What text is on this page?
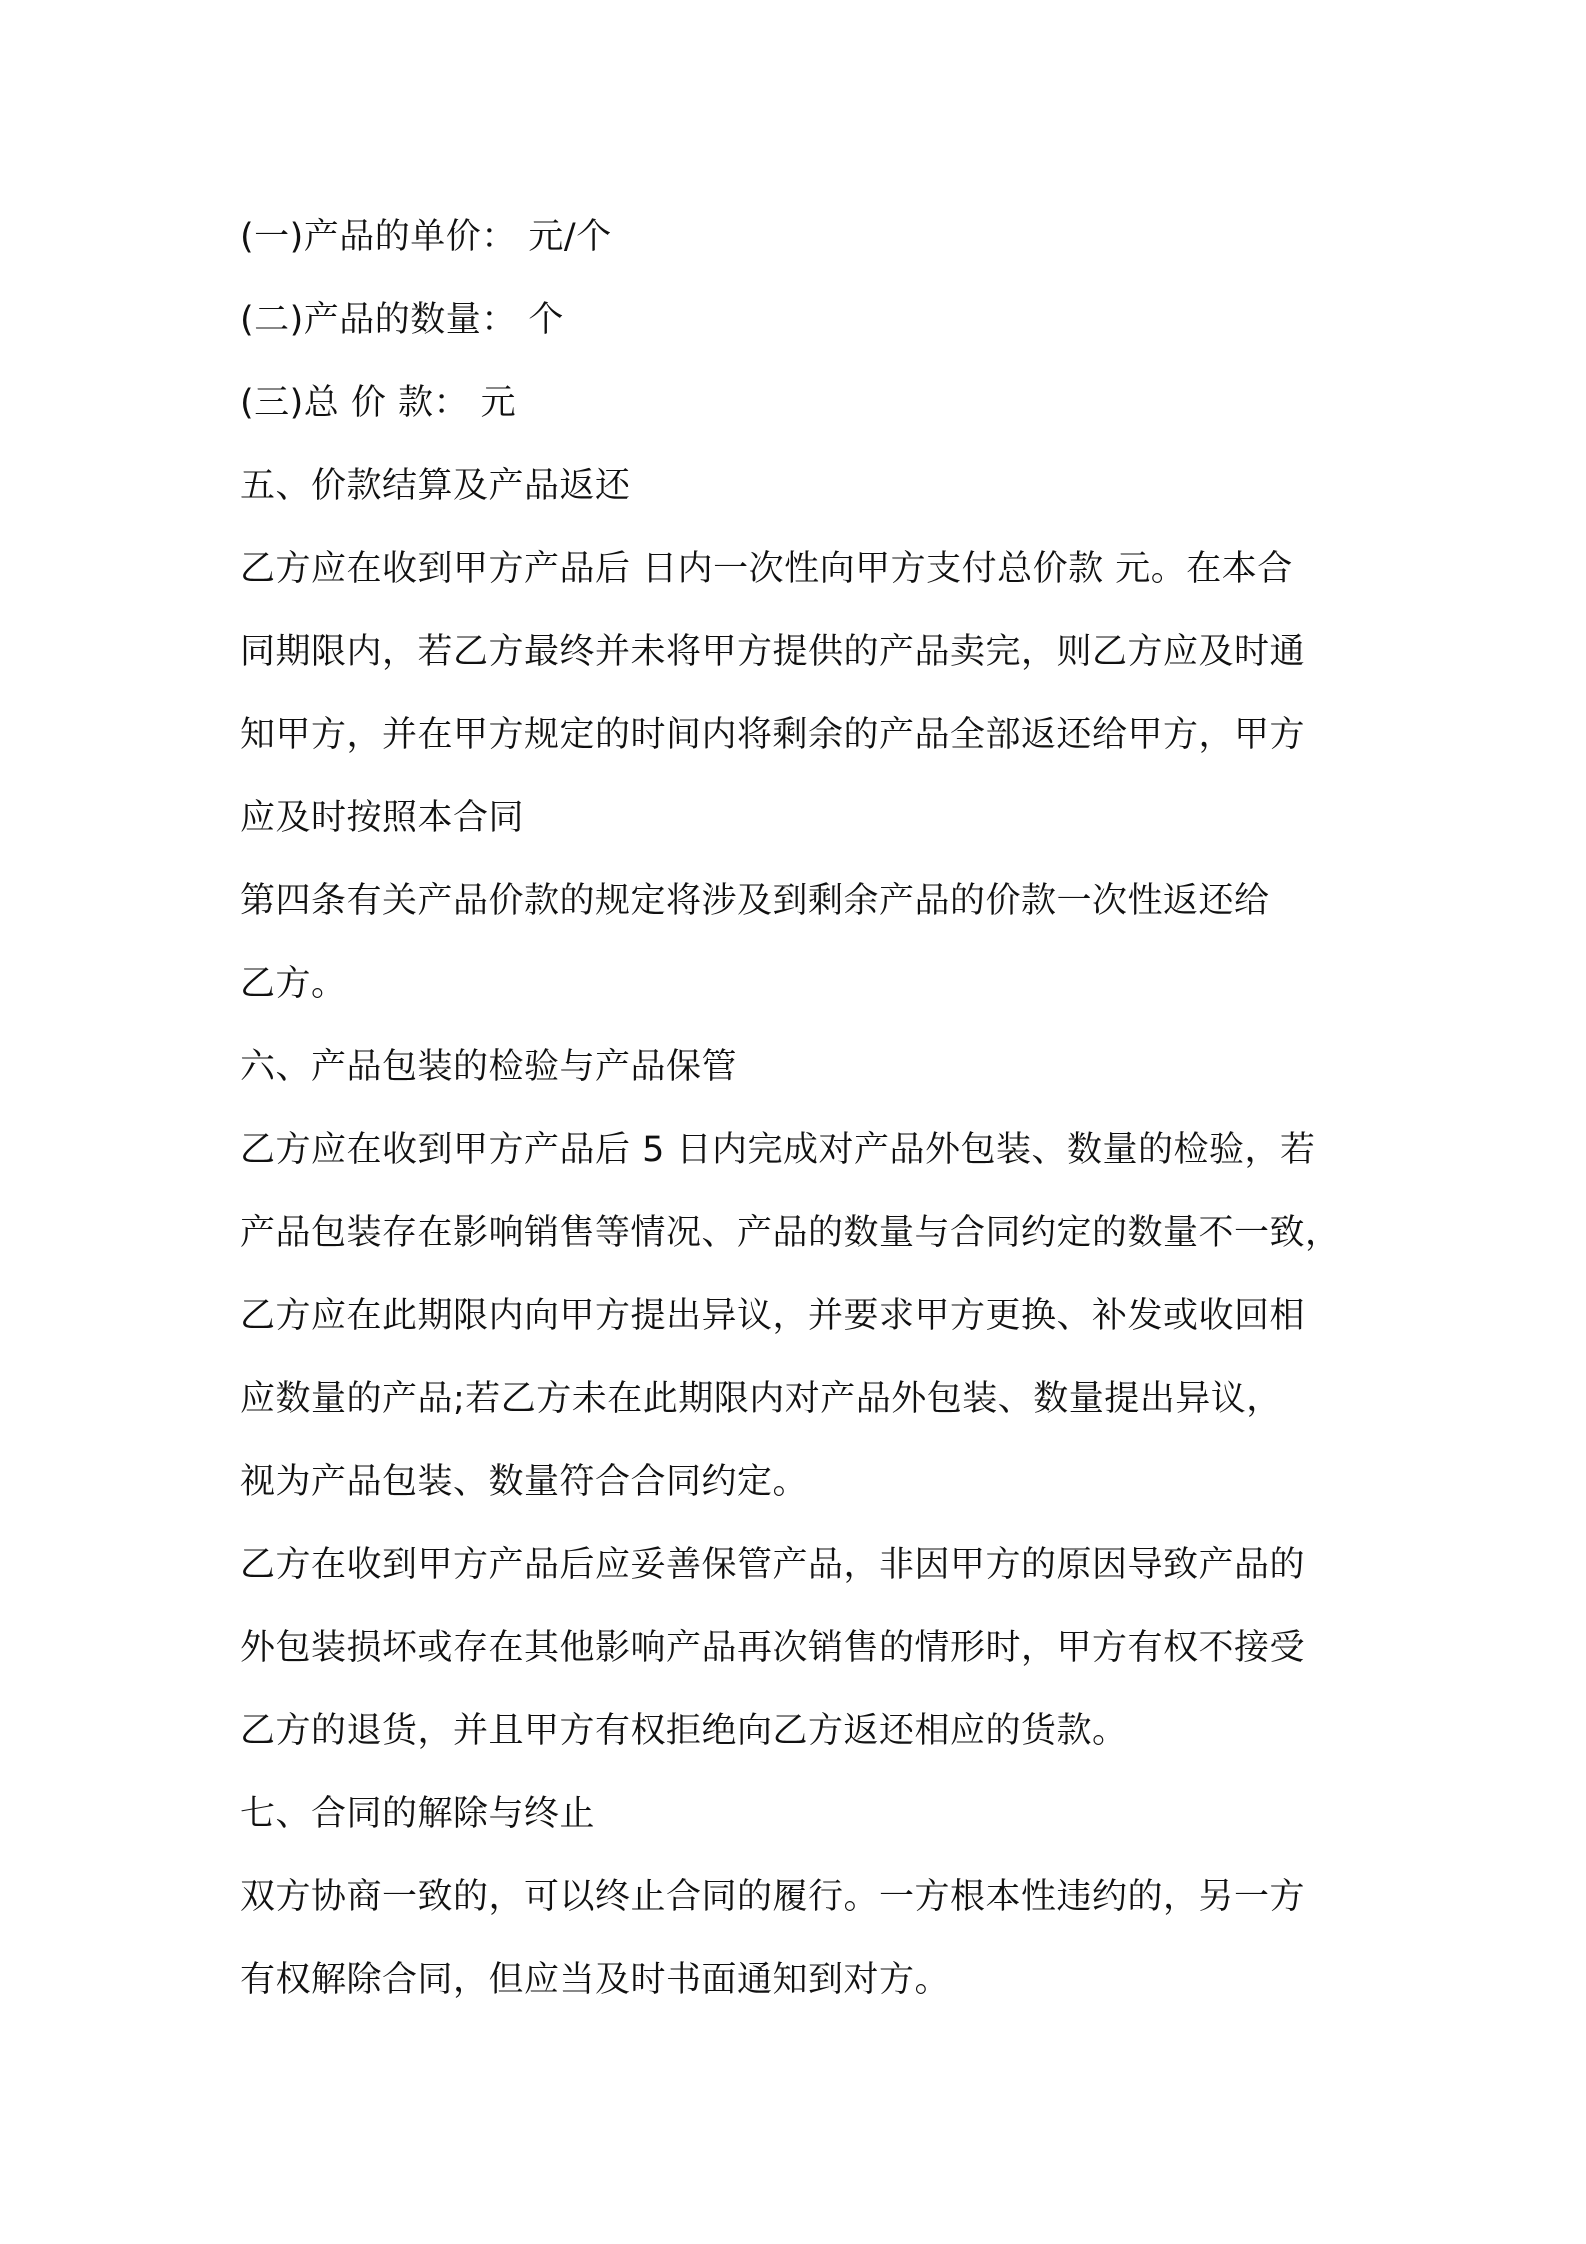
(一)产品的单价： 元/个
(二)产品的数量： 个
(三)总 价 款： 元
五、价款结算及产品返还
乙方应在收到甲方产品后 日内一次性向甲方支付总价款 元。在本合
同期限内，若乙方最终并未将甲方提供的产品卖完，则乙方应及时通
知甲方，并在甲方规定的时间内将剩余的产品全部返还给甲方，甲方
应及时按照本合同
第四条有关产品价款的规定将涉及到剩余产品的价款一次性返还给
乙方。
六、产品包装的检验与产品保管
乙方应在收到甲方产品后 5 日内完成对产品外包装、数量的检验，若
产品包装存在影响销售等情况、产品的数量与合同约定的数量不一致，
乙方应在此期限内向甲方提出异议，并要求甲方更换、补发或收回相
应数量的产品;若乙方未在此期限内对产品外包装、数量提出异议，
视为产品包装、数量符合合同约定。
乙方在收到甲方产品后应妥善保管产品，非因甲方的原因导致产品的
外包装损坏或存在其他影响产品再次销售的情形时，甲方有权不接受
乙方的退货，并且甲方有权拒绝向乙方返还相应的货款。
七、合同的解除与终止
双方协商一致的，可以终止合同的履行。一方根本性违约的，另一方
有权解除合同，但应当及时书面通知到对方。
